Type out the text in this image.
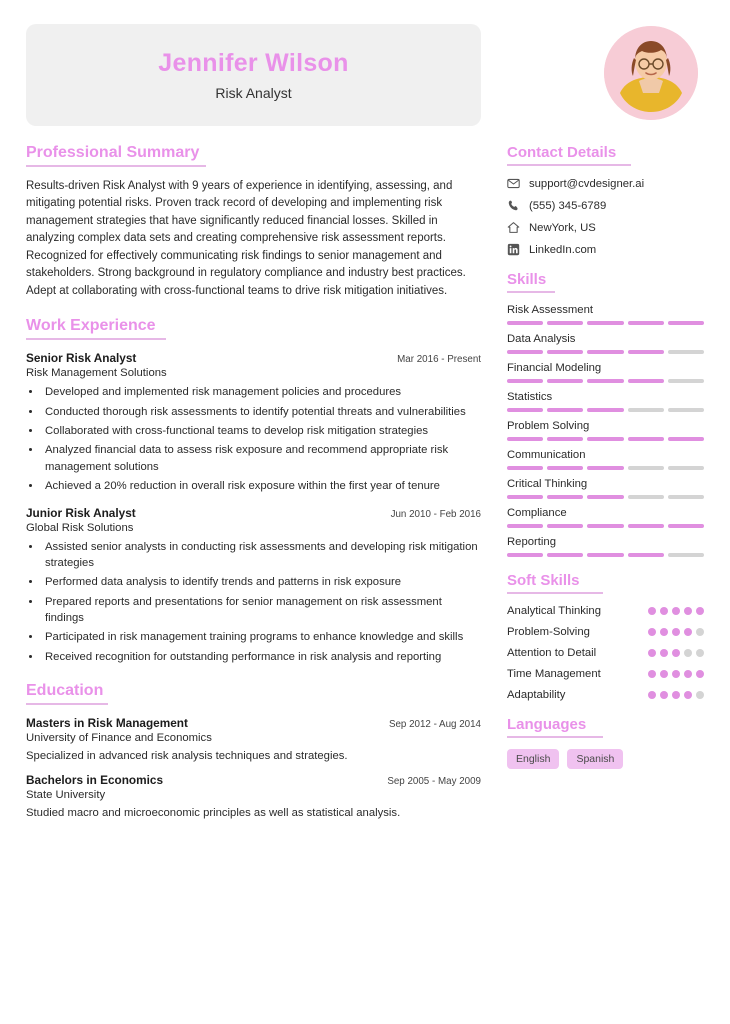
Jennifer Wilson
Risk Analyst
Professional Summary
Results-driven Risk Analyst with 9 years of experience in identifying, assessing, and mitigating potential risks. Proven track record of developing and implementing risk management strategies that have significantly reduced financial losses. Skilled in analyzing complex data sets and creating comprehensive risk assessment reports. Recognized for effectively communicating risk findings to senior management and stakeholders. Strong background in regulatory compliance and industry best practices. Adept at collaborating with cross-functional teams to drive risk mitigation initiatives.
Work Experience
Senior Risk Analyst	Mar 2016 - Present
Risk Management Solutions
• Developed and implemented risk management policies and procedures
• Conducted thorough risk assessments to identify potential threats and vulnerabilities
• Collaborated with cross-functional teams to develop risk mitigation strategies
• Analyzed financial data to assess risk exposure and recommend appropriate risk management solutions
• Achieved a 20% reduction in overall risk exposure within the first year of tenure
Junior Risk Analyst	Jun 2010 - Feb 2016
Global Risk Solutions
• Assisted senior analysts in conducting risk assessments and developing risk mitigation strategies
• Performed data analysis to identify trends and patterns in risk exposure
• Prepared reports and presentations for senior management on risk assessment findings
• Participated in risk management training programs to enhance knowledge and skills
• Received recognition for outstanding performance in risk analysis and reporting
Education
Masters in Risk Management	Sep 2012 - Aug 2014
University of Finance and Economics
Specialized in advanced risk analysis techniques and strategies.
Bachelors in Economics	Sep 2005 - May 2009
State University
Studied macro and microeconomic principles as well as statistical analysis.
Contact Details
support@cvdesigner.ai
(555) 345-6789
NewYork, US
LinkedIn.com
Skills
Risk Assessment
Data Analysis
Financial Modeling
Statistics
Problem Solving
Communication
Critical Thinking
Compliance
Reporting
Soft Skills
Analytical Thinking
Problem-Solving
Attention to Detail
Time Management
Adaptability
Languages
English	Spanish
